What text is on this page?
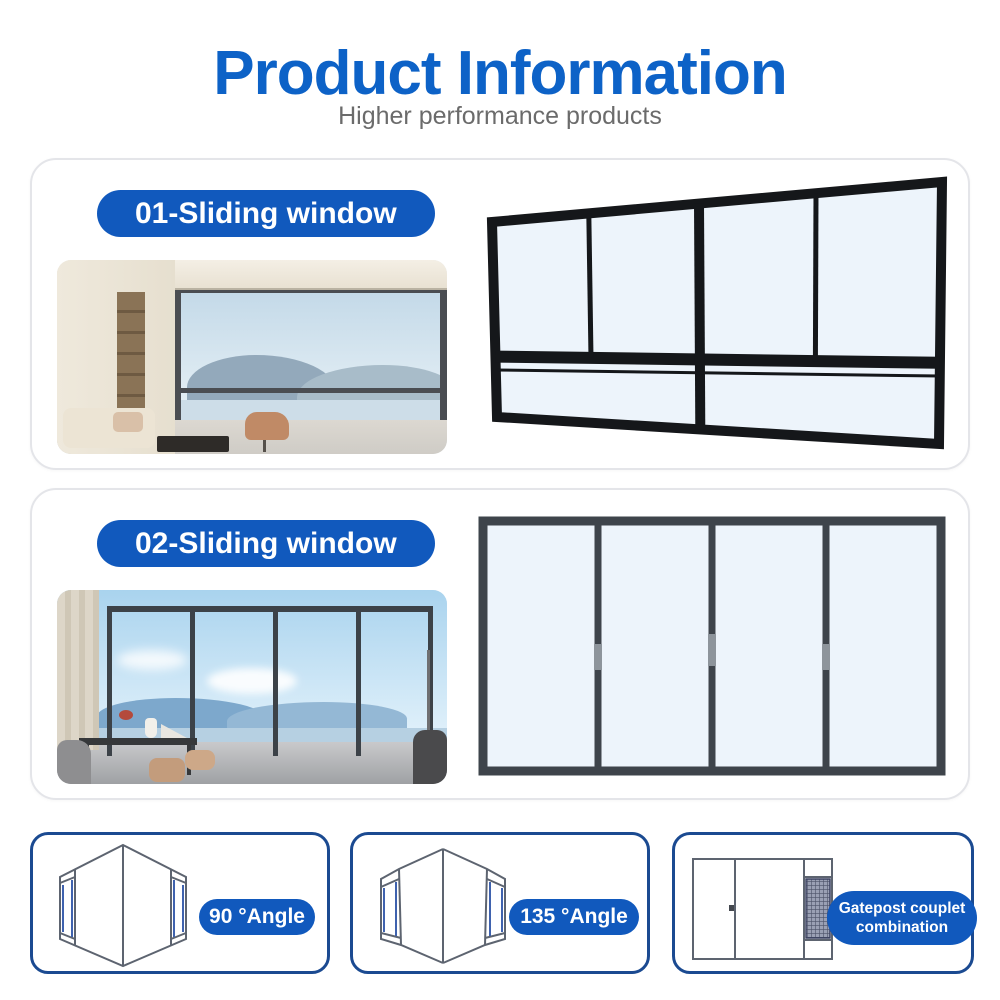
Product Information
Higher performance products
01-Sliding window
02-Sliding window
90 °Angle	135 °Angle	Gatepost couplet combination
